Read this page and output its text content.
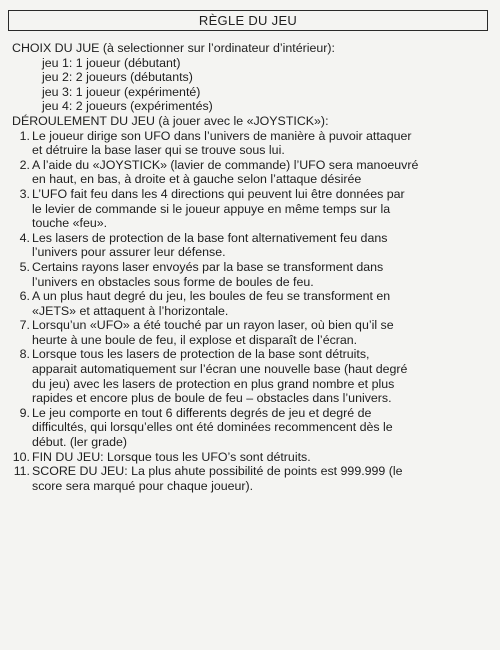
RÈGLE DU JEU
CHOIX DU JUE (à selectionner sur l’ordinateur d’intérieur):
jeu 1: 1 joueur (débutant)
jeu 2: 2 joueurs (débutants)
jeu 3: 1 joueur (expérimenté)
jeu 4: 2 joueurs (expérimentés)
DÉROULEMENT DU JEU (à jouer avec le «JOYSTICK»):
1. Le joueur dirige son UFO dans l’univers de manière à puvoir attaquer
et détruire la base laser qui se trouve sous lui.
2. A l’aide du «JOYSTICK» (lavier de commande) l’UFO sera manoeuvré
en haut, en bas, à droite et à gauche selon l’attaque désirée
3. L’UFO fait feu dans les 4 directions qui peuvent lui être données par
le levier de commande si le joueur appuye en même temps sur la
touche «feu».
4. Les lasers de protection de la base font alternativement feu dans
l’univers pour assurer leur défense.
5. Certains rayons laser envoyés par la base se transforment dans
l’univers en obstacles sous forme de boules de feu.
6. A un plus haut degré du jeu, les boules de feu se transforment en
«JETS» et attaquent à l’horizontale.
7. Lorsqu’un «UFO» a été touché par un rayon laser, où bien qu’il se
heurte à une boule de feu, il explose et disparaît de l’écran.
8. Lorsque tous les lasers de protection de la base sont détruits,
apparait automatiquement sur l’écran une nouvelle base (haut degré
du jeu) avec les lasers de protection en plus grand nombre et plus
rapides et encore plus de boule de feu – obstacles dans l’univers.
9. Le jeu comporte en tout 6 differents degrés de jeu et degré de
difficultés, qui lorsqu’elles ont été dominées recommencent dès le
début. (ler grade)
10. FIN DU JEU: Lorsque tous les UFO’s sont détruits.
11. SCORE DU JEU: La plus ahute possibilité de points est 999.999 (le
score sera marqué pour chaque joueur).
